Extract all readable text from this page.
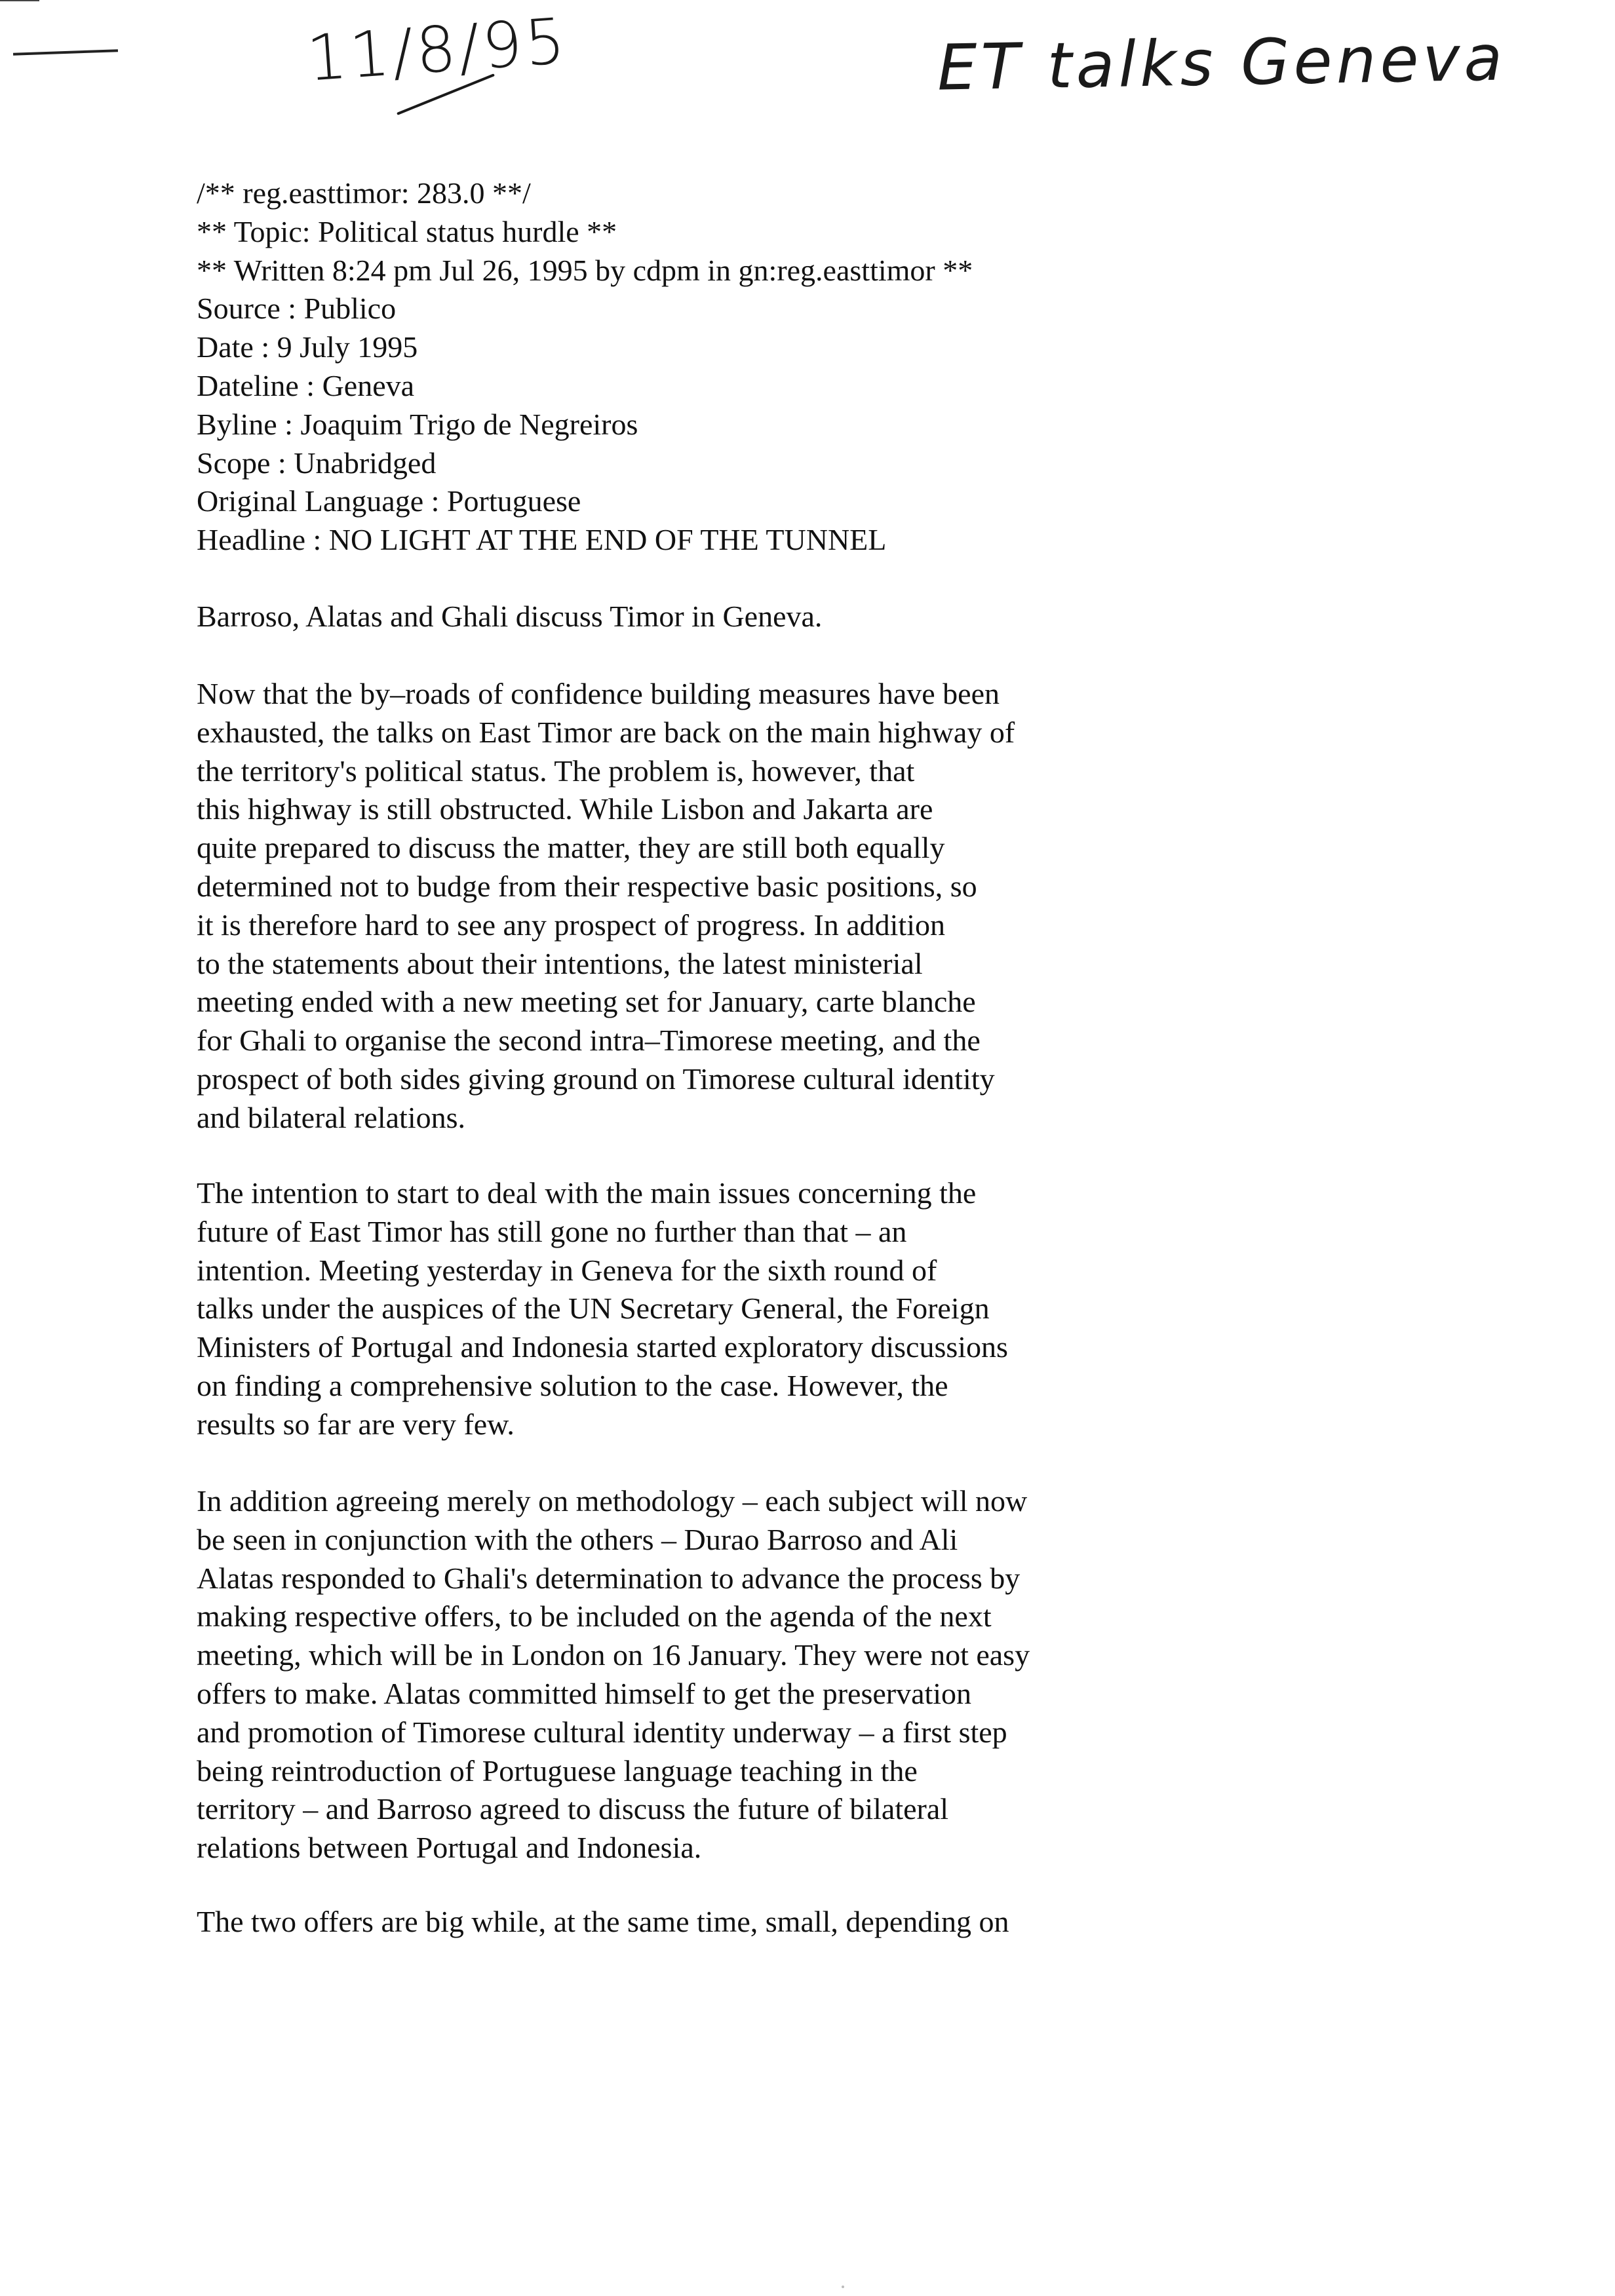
11/8/95	ET talks Geneva
/** reg.easttimor: 283.0 **/
** Topic: Political status hurdle **
** Written 8:24 pm Jul 26, 1995 by cdpm in gn:reg.easttimor **
Source : Publico
Date : 9 July 1995
Dateline : Geneva
Byline : Joaquim Trigo de Negreiros
Scope : Unabridged
Original Language : Portuguese
Headline : NO LIGHT AT THE END OF THE TUNNEL
Barroso, Alatas and Ghali discuss Timor in Geneva.
Now that the by–roads of confidence building measures have been
exhausted, the talks on East Timor are back on the main highway of
the territory's political status. The problem is, however, that
this highway is still obstructed. While Lisbon and Jakarta are
quite prepared to discuss the matter, they are still both equally
determined not to budge from their respective basic positions, so
it is therefore hard to see any prospect of progress. In addition
to the statements about their intentions, the latest ministerial
meeting ended with a new meeting set for January, carte blanche
for Ghali to organise the second intra–Timorese meeting, and the
prospect of both sides giving ground on Timorese cultural identity
and bilateral relations.
The intention to start to deal with the main issues concerning the
future of East Timor has still gone no further than that – an
intention. Meeting yesterday in Geneva for the sixth round of
talks under the auspices of the UN Secretary General, the Foreign
Ministers of Portugal and Indonesia started exploratory discussions
on finding a comprehensive solution to the case. However, the
results so far are very few.
In addition agreeing merely on methodology – each subject will now
be seen in conjunction with the others – Durao Barroso and Ali
Alatas responded to Ghali's determination to advance the process by
making respective offers, to be included on the agenda of the next
meeting, which will be in London on 16 January. They were not easy
offers to make. Alatas committed himself to get the preservation
and promotion of Timorese cultural identity underway – a first step
being reintroduction of Portuguese language teaching in the
territory – and Barroso agreed to discuss the future of bilateral
relations between Portugal and Indonesia.
The two offers are big while, at the same time, small, depending on
